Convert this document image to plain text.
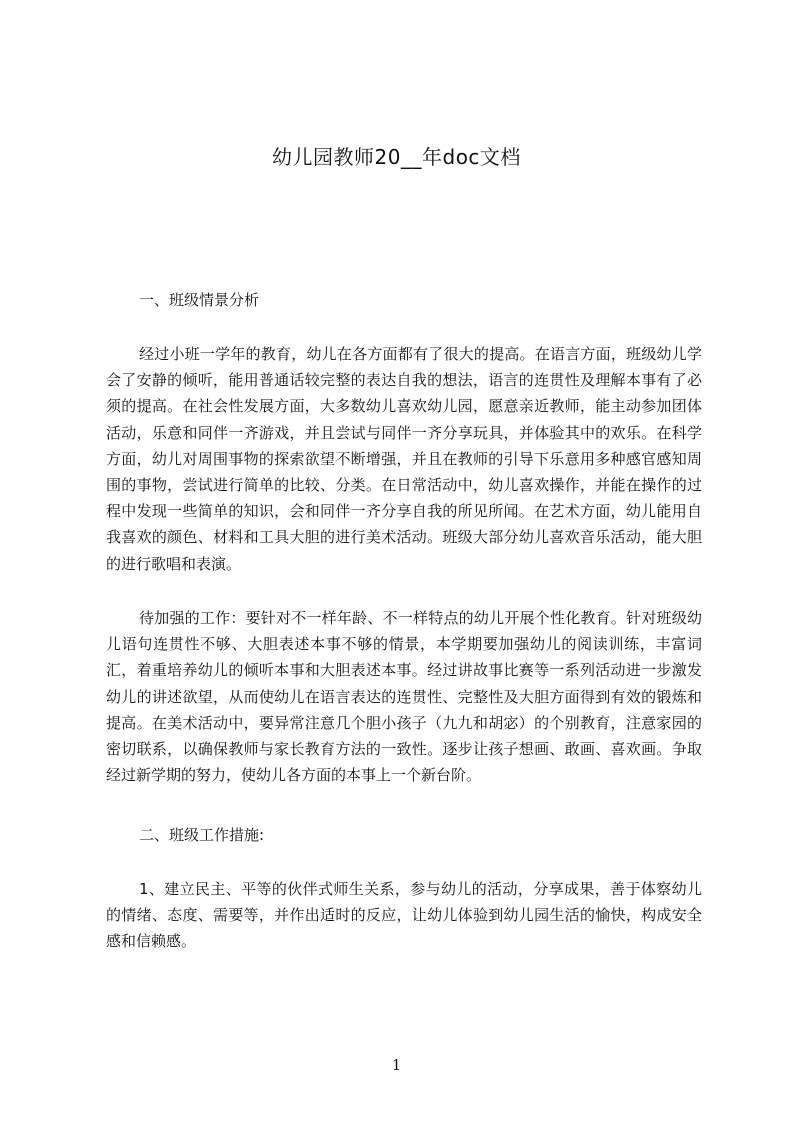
幼儿园教师20__年doc文档
一、班级情景分析

经过小班一学年的教育，幼儿在各方面都有了很大的提高。在语言方面，班级幼儿学会了安静的倾听，能用普通话较完整的表达自我的想法，语言的连贯性及理解本事有了必须的提高。在社会性发展方面，大多数幼儿喜欢幼儿园，愿意亲近教师，能主动参加团体活动，乐意和同伴一齐游戏，并且尝试与同伴一齐分享玩具，并体验其中的欢乐。在科学方面，幼儿对周围事物的探索欲望不断增强，并且在教师的引导下乐意用多种感官感知周围的事物，尝试进行简单的比较、分类。在日常活动中，幼儿喜欢操作，并能在操作的过程中发现一些简单的知识，会和同伴一齐分享自我的所见所闻。在艺术方面，幼儿能用自我喜欢的颜色、材料和工具大胆的进行美术活动。班级大部分幼儿喜欢音乐活动，能大胆的进行歌唱和表演。

待加强的工作：要针对不一样年龄、不一样特点的幼儿开展个性化教育。针对班级幼儿语句连贯性不够、大胆表述本事不够的情景，本学期要加强幼儿的阅读训练，丰富词汇，着重培养幼儿的倾听本事和大胆表述本事。经过讲故事比赛等一系列活动进一步激发幼儿的讲述欲望，从而使幼儿在语言表达的连贯性、完整性及大胆方面得到有效的锻炼和提高。在美术活动中，要异常注意几个胆小孩子（九九和胡宓）的个别教育，注意家园的密切联系，以确保教师与家长教育方法的一致性。逐步让孩子想画、敢画、喜欢画。争取经过新学期的努力，使幼儿各方面的本事上一个新台阶。

二、班级工作措施:

1、建立民主、平等的伙伴式师生关系，参与幼儿的活动，分享成果，善于体察幼儿的情绪、态度、需要等，并作出适时的反应，让幼儿体验到幼儿园生活的愉快，构成安全感和信赖感。

1
